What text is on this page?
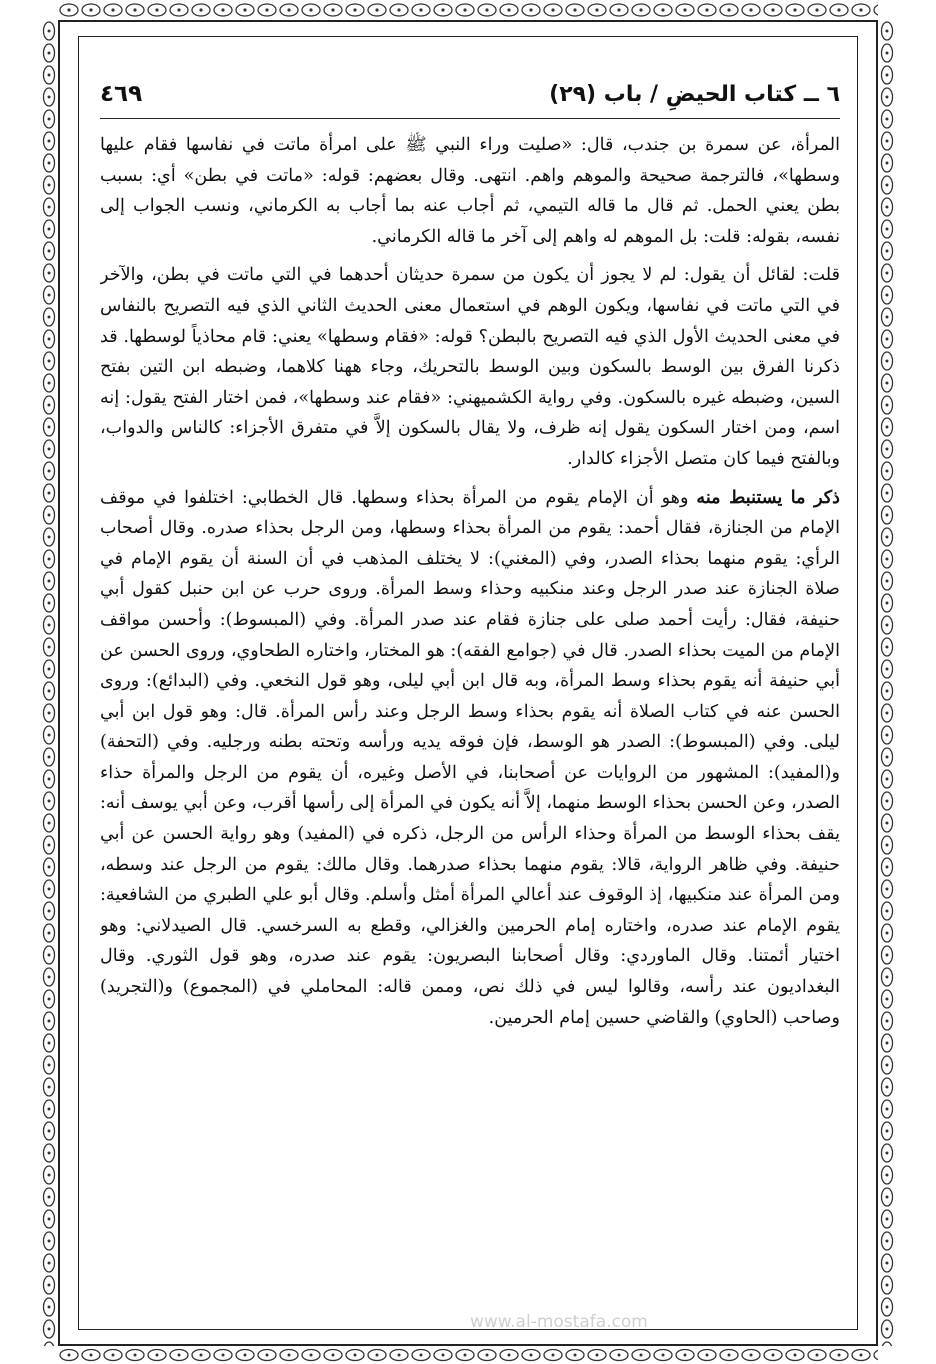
٦ ــ كتاب الحيضِ / باب (٢٩)
٤٦٩

المرأة، عن سمرة بن جندب، قال: «صليت وراء النبي ﷺ على امرأة ماتت في نفاسها فقام عليها وسطها»، فالترجمة صحيحة والموهم واهم. انتهى. وقال بعضهم: قوله: «ماتت في بطن» أي: بسبب بطن يعني الحمل. ثم قال ما قاله التيمي، ثم أجاب عنه بما أجاب به الكرماني، ونسب الجواب إلى نفسه، بقوله: قلت: بل الموهم له واهم إلى آخر ما قاله الكرماني.

قلت: لقائل أن يقول: لم لا يجوز أن يكون من سمرة حديثان أحدهما في التي ماتت في بطن، والآخر في التي ماتت في نفاسها، ويكون الوهم في استعمال معنى الحديث الثاني الذي فيه التصريح بالنفاس في معنى الحديث الأول الذي فيه التصريح بالبطن؟ قوله: «فقام وسطها» يعني: قام محاذياً لوسطها. قد ذكرنا الفرق بين الوسط بالسكون وبين الوسط بالتحريك، وجاء ههنا كلاهما، وضبطه ابن التين بفتح السين، وضبطه غيره بالسكون. وفي رواية الكشميهني: «فقام عند وسطها»، فمن اختار الفتح يقول: إنه اسم، ومن اختار السكون يقول إنه ظرف، ولا يقال بالسكون إلاَّ في متفرق الأجزاء: كالناس والدواب، وبالفتح فيما كان متصل الأجزاء كالدار.

ذكر ما يستنبط منه وهو أن الإمام يقوم من المرأة بحذاء وسطها. قال الخطابي: اختلفوا في موقف الإمام من الجنازة، فقال أحمد: يقوم من المرأة بحذاء وسطها، ومن الرجل بحذاء صدره. وقال أصحاب الرأي: يقوم منهما بحذاء الصدر، وفي (المغني): لا يختلف المذهب في أن السنة أن يقوم الإمام في صلاة الجنازة عند صدر الرجل وعند منكبيه وحذاء وسط المرأة. وروى حرب عن ابن حنبل كقول أبي حنيفة، فقال: رأيت أحمد صلى على جنازة فقام عند صدر المرأة. وفي (المبسوط): وأحسن مواقف الإمام من الميت بحذاء الصدر. قال في (جوامع الفقه): هو المختار، واختاره الطحاوي، وروى الحسن عن أبي حنيفة أنه يقوم بحذاء وسط المرأة، وبه قال ابن أبي ليلى، وهو قول النخعي. وفي (البدائع): وروى الحسن عنه في كتاب الصلاة أنه يقوم بحذاء وسط الرجل وعند رأس المرأة. قال: وهو قول ابن أبي ليلى. وفي (المبسوط): الصدر هو الوسط، فإن فوقه يديه ورأسه وتحته بطنه ورجليه. وفي (التحفة) و(المفيد): المشهور من الروايات عن أصحابنا، في الأصل وغيره، أن يقوم من الرجل والمرأة حذاء الصدر، وعن الحسن بحذاء الوسط منهما، إلاَّ أنه يكون في المرأة إلى رأسها أقرب، وعن أبي يوسف أنه: يقف بحذاء الوسط من المرأة وحذاء الرأس من الرجل، ذكره في (المفيد) وهو رواية الحسن عن أبي حنيفة. وفي ظاهر الرواية، قالا: يقوم منهما بحذاء صدرهما. وقال مالك: يقوم من الرجل عند وسطه، ومن المرأة عند منكبيها، إذ الوقوف عند أعالي المرأة أمثل وأسلم. وقال أبو علي الطبري من الشافعية: يقوم الإمام عند صدره، واختاره إمام الحرمين والغزالي، وقطع به السرخسي. قال الصيدلاني: وهو اختيار أئمتنا. وقال الماوردي: وقال أصحابنا البصريون: يقوم عند صدره، وهو قول الثوري. وقال البغداديون عند رأسه، وقالوا ليس في ذلك نص، وممن قاله: المحاملي في (المجموع) و(التجريد) وصاحب (الحاوي) والقاضي حسين إمام الحرمين.

www.al-mostafa.com
